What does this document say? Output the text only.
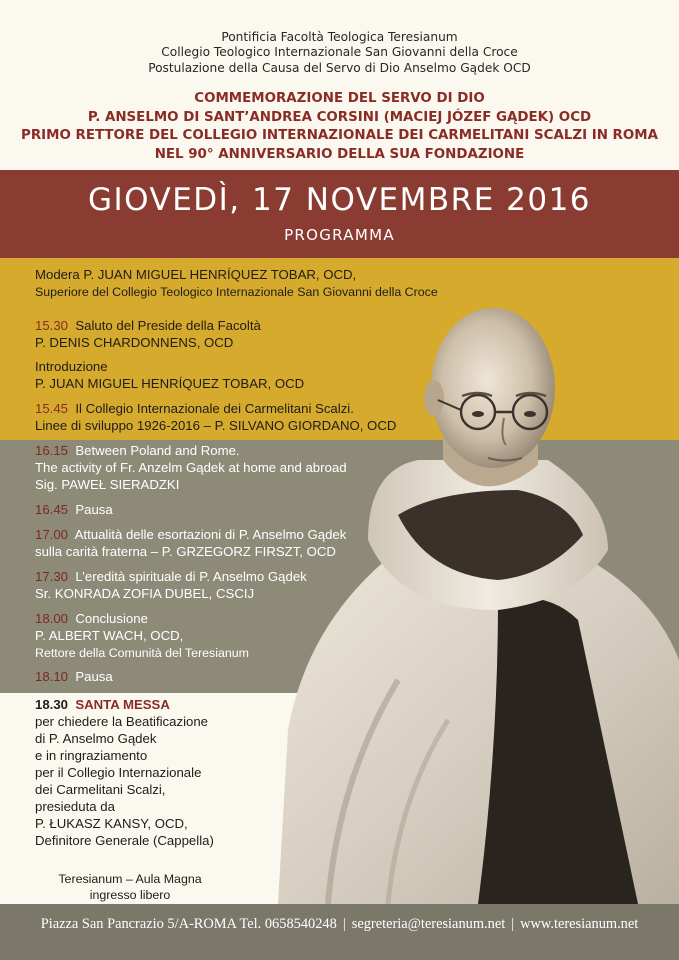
Pontificia Facoltà Teologica Teresianum
Collegio Teologico Internazionale San Giovanni della Croce
Postulazione della Causa del Servo di Dio Anselmo Gądek OCD
COMMEMORAZIONE DEL SERVO DI DIO
P. ANSELMO DI SANT’ANDREA CORSINI (MACIEJ JÓZEF GĄDEK) OCD
PRIMO RETTORE DEL COLLEGIO INTERNAZIONALE DEI CARMELITANI SCALZI IN ROMA
NEL 90° ANNIVERSARIO DELLA SUA FONDAZIONE
GIOVEDÌ, 17 NOVEMBRE 2016
PROGRAMMA
Modera P. JUAN MIGUEL HENRÍQUEZ TOBAR, OCD,
Superiore del Collegio Teologico Internazionale San Giovanni della Croce
15.30 Saluto del Preside della Facoltà
P. DENIS CHARDONNENS, OCD
Introduzione
P. JUAN MIGUEL HENRÍQUEZ TOBAR, OCD
15.45 Il Collegio Internazionale dei Carmelitani Scalzi.
Linee di sviluppo 1926-2016 – P. SILVANO GIORDANO, OCD
16.15 Between Poland and Rome.
The activity of Fr. Anzelm Gądek at home and abroad
Sig. PAWEŁ SIERADZKI
16.45 Pausa
17.00 Attualità delle esortazioni di P. Anselmo Gądek
sulla carità fraterna – P. GRZEGORZ FIRSZT, OCD
17.30 L’eredità spirituale di P. Anselmo Gądek
Sr. KONRADA ZOFIA DUBEL, CSCIJ
18.00 Conclusione
P. ALBERT WACH, OCD,
Rettore della Comunità del Teresianum
18.10 Pausa
18.30 SANTA MESSA
per chiedere la Beatificazione
di P. Anselmo Gądek
e in ringraziamento
per il Collegio Internazionale
dei Carmelitani Scalzi,
presieduta da
P. ŁUKASZ KANSY, OCD,
Definitore Generale (Cappella)
Teresianum – Aula Magna
ingresso libero
Piazza San Pancrazio 5/A-ROMA Tel. 0658540248 | segreteria@teresianum.net | www.teresianum.net
